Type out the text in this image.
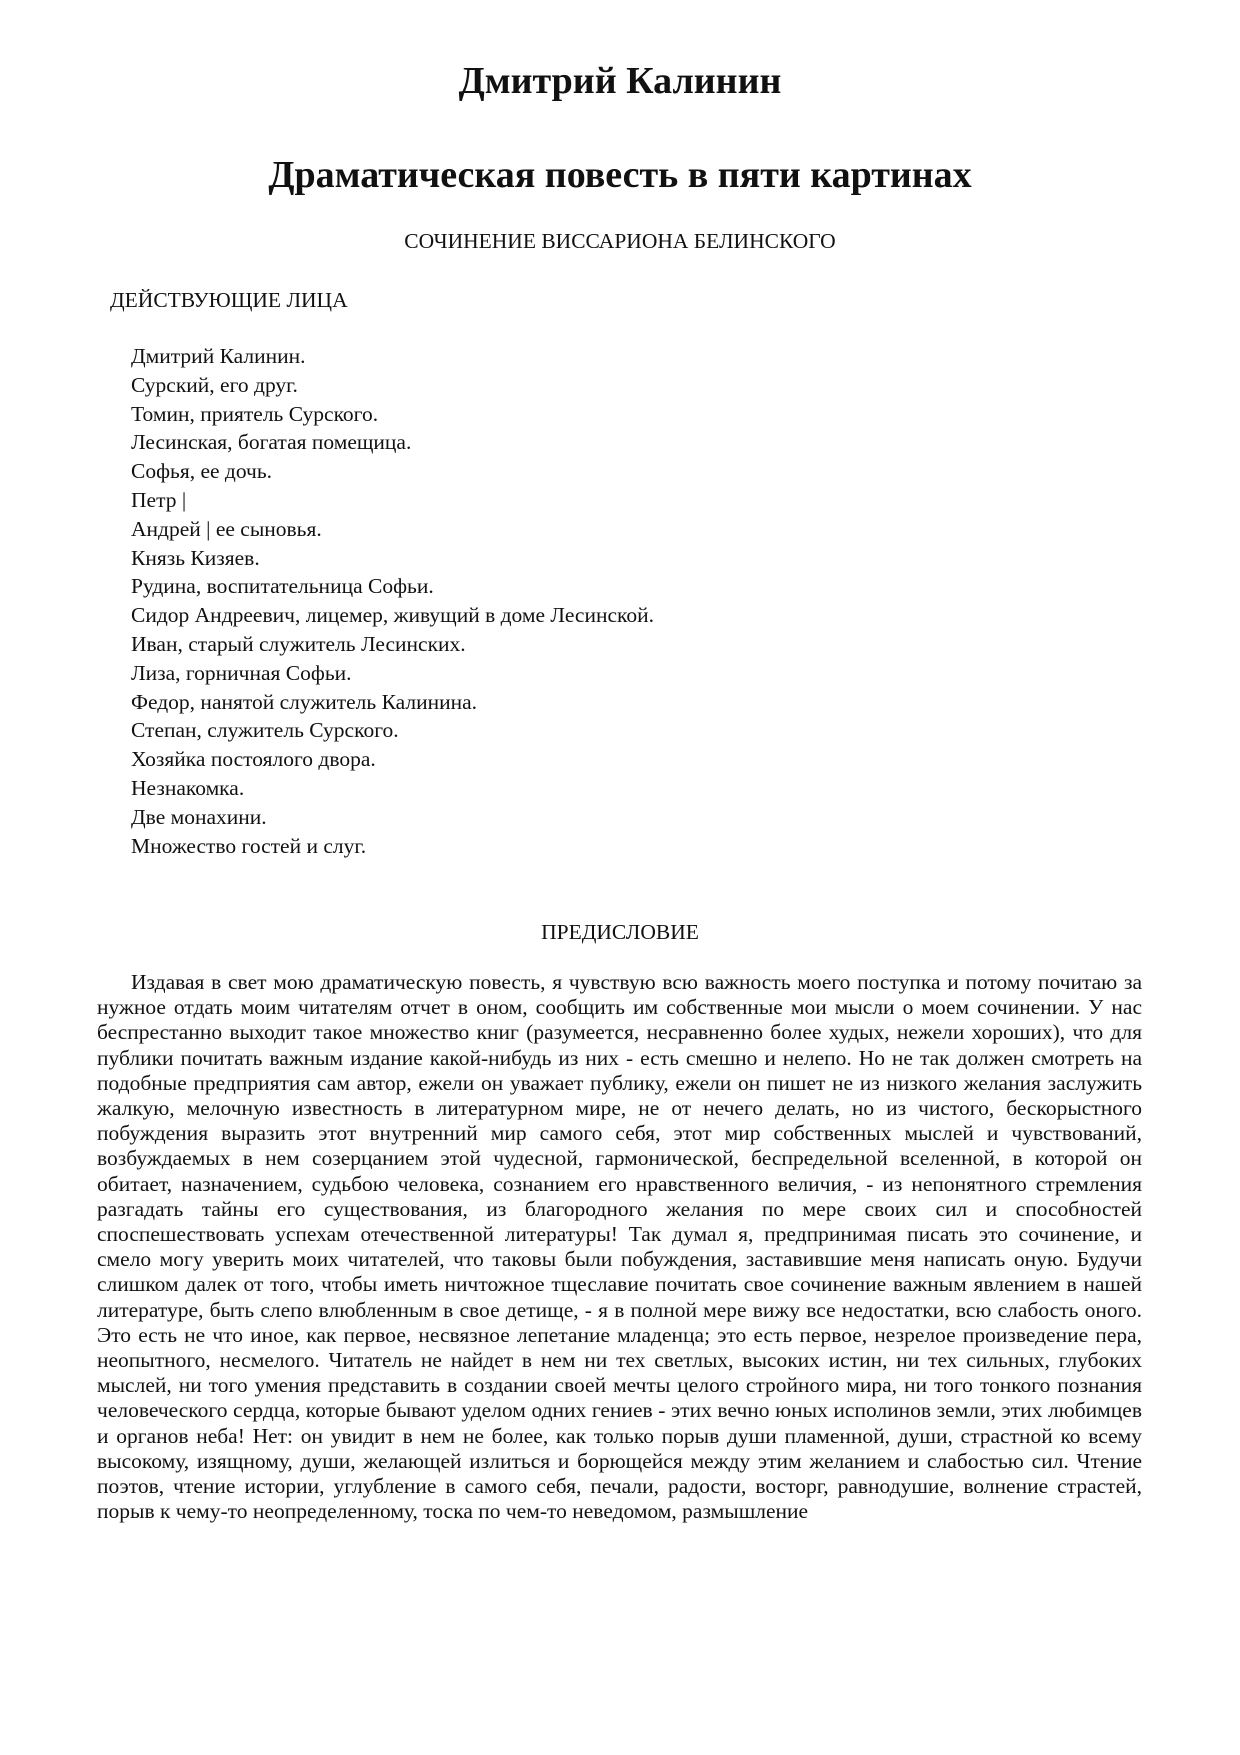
Дмитрий Калинин
Драматическая повесть в пяти картинах
СОЧИНЕНИЕ ВИССАРИОНА БЕЛИНСКОГО
ДЕЙСТВУЮЩИЕ ЛИЦА
Дмитрий Калинин.
Сурский, его друг.
Томин, приятель Сурского.
Лесинская, богатая помещица.
Софья, ее дочь.
Петр |
Андрей | ее сыновья.
Князь Кизяев.
Рудина, воспитательница Софьи.
Сидор Андреевич, лицемер, живущий в доме Лесинской.
Иван, старый служитель Лесинских.
Лиза, горничная Софьи.
Федор, нанятой служитель Калинина.
Степан, служитель Сурского.
Хозяйка постоялого двора.
Незнакомка.
Две монахини.
Множество гостей и слуг.
ПРЕДИСЛОВИЕ

Издавая в свет мою драматическую повесть, я чувствую всю важность моего поступка и потому почитаю за нужное отдать моим читателям отчет в оном, сообщить им собственные мои мысли о моем сочинении. У нас беспрестанно выходит такое множество книг (разумеется, несравненно более худых, нежели хороших), что для публики почитать важным издание какой-нибудь из них - есть смешно и нелепо. Но не так должен смотреть на подобные предприятия сам автор, ежели он уважает публику, ежели он пишет не из низкого желания заслужить жалкую, мелочную известность в литературном мире, не от нечего делать, но из чистого, бескорыстного побуждения выразить этот внутренний мир самого себя, этот мир собственных мыслей и чувствований, возбуждаемых в нем созерцанием этой чудесной, гармонической, беспредельной вселенной, в которой он обитает, назначением, судьбою человека, сознанием его нравственного величия, - из непонятного стремления разгадать тайны его существования, из благородного желания по мере своих сил и способностей споспешествовать успехам отечественной литературы! Так думал я, предпринимая писать это сочинение, и смело могу уверить моих читателей, что таковы были побуждения, заставившие меня написать оную. Будучи слишком далек от того, чтобы иметь ничтожное тщеславие почитать свое сочинение важным явлением в нашей литературе, быть слепо влюбленным в свое детище, - я в полной мере вижу все недостатки, всю слабость оного. Это есть не что иное, как первое, несвязное лепетание младенца; это есть первое, незрелое произведение пера, неопытного, несмелого. Читатель не найдет в нем ни тех светлых, высоких истин, ни тех сильных, глубоких мыслей, ни того умения представить в создании своей мечты целого стройного мира, ни того тонкого познания человеческого сердца, которые бывают уделом одних гениев - этих вечно юных исполинов земли, этих любимцев и органов неба! Нет: он увидит в нем не более, как только порыв души пламенной, души, страстной ко всему высокому, изящному, души, желающей излиться и борющейся между этим желанием и слабостью сил. Чтение поэтов, чтение истории, углубление в самого себя, печали, радости, восторг, равнодушие, волнение страстей, порыв к чему-то неопределенному, тоска по чем-то неведомом, размышление
